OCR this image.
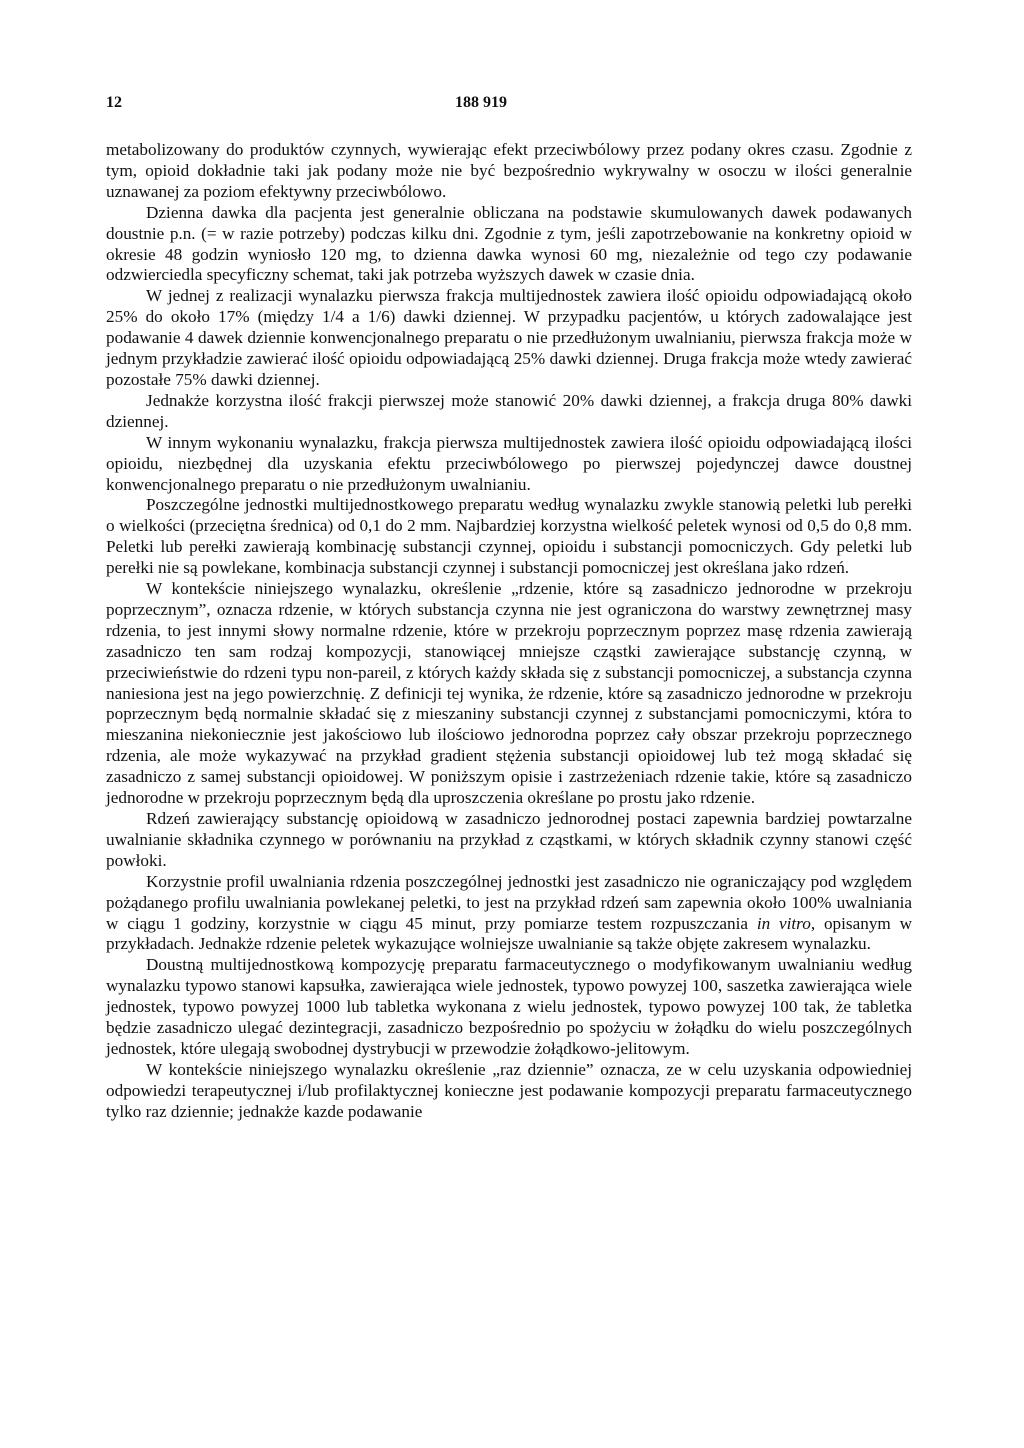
12	188 919

metabolizowany do produktów czynnych, wywierając efekt przeciwbólowy przez podany okres czasu. Zgodnie z tym, opioid dokładnie taki jak podany może nie być bezpośrednio wykrywalny w osoczu w ilości generalnie uznawanej za poziom efektywny przeciwbólowo.

Dzienna dawka dla pacjenta jest generalnie obliczana na podstawie skumulowanych dawek podawanych doustnie p.n. (= w razie potrzeby) podczas kilku dni. Zgodnie z tym, jeśli zapotrzebowanie na konkretny opioid w okresie 48 godzin wyniosło 120 mg, to dzienna dawka wynosi 60 mg, niezależnie od tego czy podawanie odzwierciedla specyficzny schemat, taki jak potrzeba wyższych dawek w czasie dnia.

W jednej z realizacji wynalazku pierwsza frakcja multijednostek zawiera ilość opioidu odpowiadającą około 25% do około 17% (między 1/4 a 1/6) dawki dziennej. W przypadku pacjentów, u których zadowalające jest podawanie 4 dawek dziennie konwencjonalnego preparatu o nie przedłużonym uwalnianiu, pierwsza frakcja może w jednym przykładzie zawierać ilość opioidu odpowiadającą 25% dawki dziennej. Druga frakcja może wtedy zawierać pozostałe 75% dawki dziennej.

Jednakże korzystna ilość frakcji pierwszej może stanowić 20% dawki dziennej, a frakcja druga 80% dawki dziennej.

W innym wykonaniu wynalazku, frakcja pierwsza multijednostek zawiera ilość opioidu odpowiadającą ilości opioidu, niezbędnej dla uzyskania efektu przeciwbólowego po pierwszej pojedynczej dawce doustnej konwencjonalnego preparatu o nie przedłużonym uwalnianiu.

Poszczególne jednostki multijednostkowego preparatu według wynalazku zwykle stanowią peletki lub perełki o wielkości (przeciętna średnica) od 0,1 do 2 mm. Najbardziej korzystna wielkość peletek wynosi od 0,5 do 0,8 mm. Peletki lub perełki zawierają kombinację substancji czynnej, opioidu i substancji pomocniczych. Gdy peletki lub perełki nie są powlekane, kombinacja substancji czynnej i substancji pomocniczej jest określana jako rdzeń.

W kontekście niniejszego wynalazku, określenie „rdzenie, które są zasadniczo jednorodne w przekroju poprzecznym”, oznacza rdzenie, w których substancja czynna nie jest ograniczona do warstwy zewnętrznej masy rdzenia, to jest innymi słowy normalne rdzenie, które w przekroju poprzecznym poprzez masę rdzenia zawierają zasadniczo ten sam rodzaj kompozycji, stanowiącej mniejsze cząstki zawierające substancję czynną, w przeciwieństwie do rdzeni typu non-pareil, z których każdy składa się z substancji pomocniczej, a substancja czynna naniesiona jest na jego powierzchnię. Z definicji tej wynika, że rdzenie, które są zasadniczo jednorodne w przekroju poprzecznym będą normalnie składać się z mieszaniny substancji czynnej z substancjami pomocniczymi, która to mieszanina niekoniecznie jest jakościowo lub ilościowo jednorodna poprzez cały obszar przekroju poprzecznego rdzenia, ale może wykazywać na przykład gradient stężenia substancji opioidowej lub też mogą składać się zasadniczo z samej substancji opioidowej. W poniższym opisie i zastrzeżeniach rdzenie takie, które są zasadniczo jednorodne w przekroju poprzecznym będą dla uproszczenia określane po prostu jako rdzenie.

Rdzeń zawierający substancję opioidową w zasadniczo jednorodnej postaci zapewnia bardziej powtarzalne uwalnianie składnika czynnego w porównaniu na przykład z cząstkami, w których składnik czynny stanowi część powłoki.

Korzystnie profil uwalniania rdzenia poszczególnej jednostki jest zasadniczo nie ograniczający pod względem pożądanego profilu uwalniania powlekanej peletki, to jest na przykład rdzeń sam zapewnia około 100% uwalniania w ciągu 1 godziny, korzystnie w ciągu 45 minut, przy pomiarze testem rozpuszczania in vitro, opisanym w przykładach. Jednakże rdzenie peletek wykazujące wolniejsze uwalnianie są także objęte zakresem wynalazku.

Doustną multijednostkową kompozycję preparatu farmaceutycznego o modyfikowanym uwalnianiu według wynalazku typowo stanowi kapsułka, zawierająca wiele jednostek, typowo powyzej 100, saszetka zawierająca wiele jednostek, typowo powyzej 1000 lub tabletka wykonana z wielu jednostek, typowo powyzej 100 tak, że tabletka będzie zasadniczo ulegać dezintegracji, zasadniczo bezpośrednio po spożyciu w żołądku do wielu poszczególnych jednostek, które ulegają swobodnej dystrybucji w przewodzie żołądkowo-jelitowym.

W kontekście niniejszego wynalazku określenie „raz dziennie” oznacza, ze w celu uzyskania odpowiedniej odpowiedzi terapeutycznej i/lub profilaktycznej konieczne jest podawanie kompozycji preparatu farmaceutycznego tylko raz dziennie; jednakże kazde podawanie
